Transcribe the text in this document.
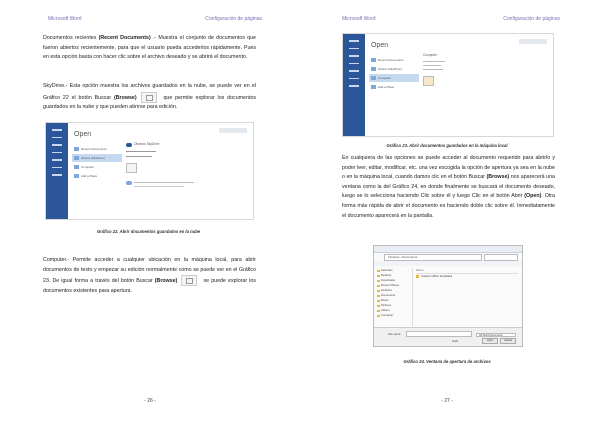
Microsoft Word	Configuración de páginas
Documentos recientes (Recent Documents) .- Muestra el conjunto de documentos que fueron abiertos recientemente, para que el usuario pueda accederlos rápidamente. Pues en esta opción basta con hacer clic sobre el archivo deseado y se abrirá el documento.
SkyDrive.- Esta opción muestra los archivos guardados en la nube, se puede ver en el Gráfico 22 el botón Buscar (Browse)	que permite explorar los documentos guardados en la nube y que pueden abrirse para edición.
Open
Recent Documents
Ohana (SkyDrive)
Computer
Add a Place
Ohana's SkyDrive
Gráfico 22. Abrir documentos guardados en la nube
Computer.- Permite acceder a cualquier ubicación en la máquina local, para abrir documentos de texto y empezar su edición normalmente como se puede ver en el Gráfico 23. De igual forma a través del botón Buscar (Browse)	se puede explorar los documentos existentes para apertura.
- 26 -
Microsoft Word	Configuración de páginas
Open
Recent Documents
Ohana (SkyDrive)
Computer
Add a Place
Computer
Gráfico 23. Abrir documentos guardados en la máquina local
En cualquiera de las opciones se puede acceder al documento requerido para abrirlo y poder leer, editar, modificar, etc. una vez escogida la opción de apertura ya sea en la nube o en la máquina local, cuando damos clic en el botón Buscar (Browse) nos aparecerá una ventana como la del Gráfico 24, en donde finalmente se buscará el documento deseado, luego se lo selecciona haciendo Clic sobre él y luego Clic en el botón Abrir (Open). Otra forma más rápida de abrir el documento es haciendo doble clic sobre él. Inmediatamente el documento aparecerá en la pantalla.
Libraries › Documents
Favorites
Desktop
Downloads
Recent Places
Libraries
Documents
Music
Pictures
Videos
Computer
Name
Custom Office Templates
File name:	All Word Documents
Tools	Open	Cancel
Gráfico 24. Ventana de apertura de archivos
- 27 -
